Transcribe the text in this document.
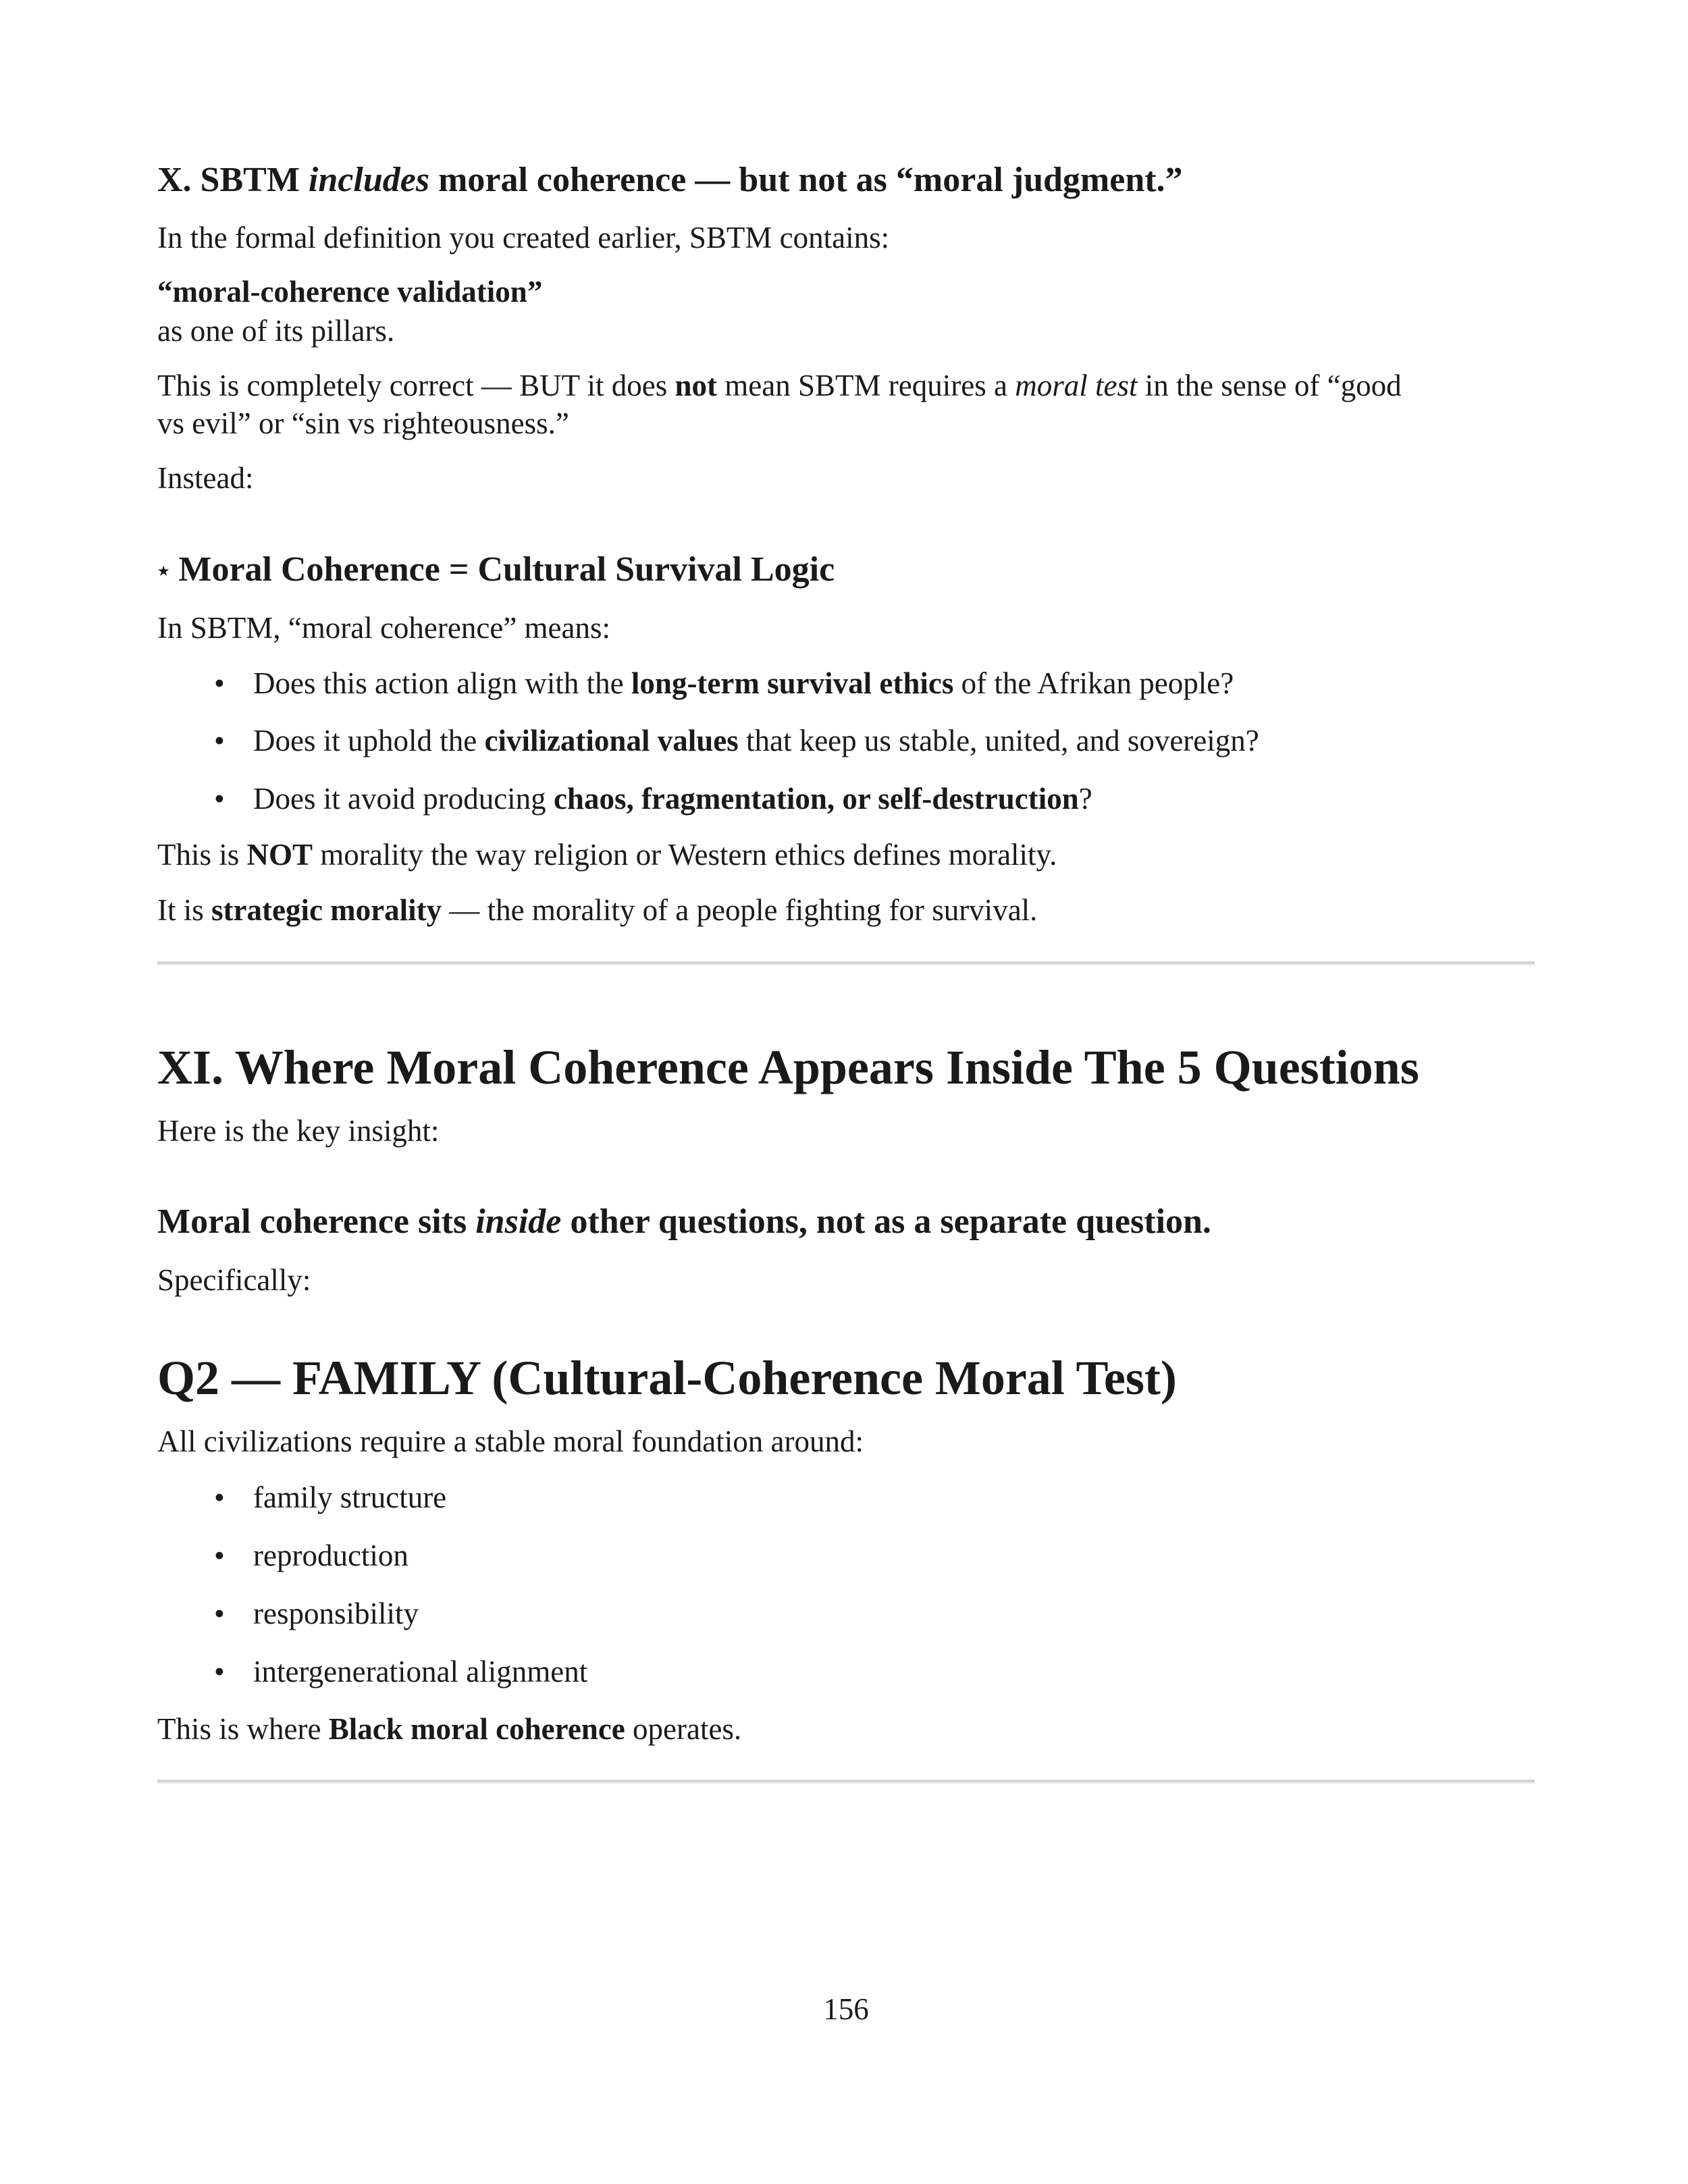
X. SBTM includes moral coherence — but not as “moral judgment.”

In the formal definition you created earlier, SBTM contains:

“moral-coherence validation”

as one of its pillars.

This is completely correct — BUT it does not mean SBTM requires a moral test in the sense of “good

vs evil” or “sin vs righteousness.”

Instead:

⭑ Moral Coherence = Cultural Survival Logic

In SBTM, “moral coherence” means:

• Does this action align with the long-term survival ethics of the Afrikan people?
• Does it uphold the civilizational values that keep us stable, united, and sovereign?
• Does it avoid producing chaos, fragmentation, or self-destruction?

This is NOT morality the way religion or Western ethics defines morality.

It is strategic morality — the morality of a people fighting for survival.

XI. Where Moral Coherence Appears Inside The 5 Questions

Here is the key insight:

Moral coherence sits inside other questions, not as a separate question.

Specifically:

Q2 — FAMILY (Cultural-Coherence Moral Test)

All civilizations require a stable moral foundation around:

• family structure
• reproduction
• responsibility
• intergenerational alignment

This is where Black moral coherence operates.

156
